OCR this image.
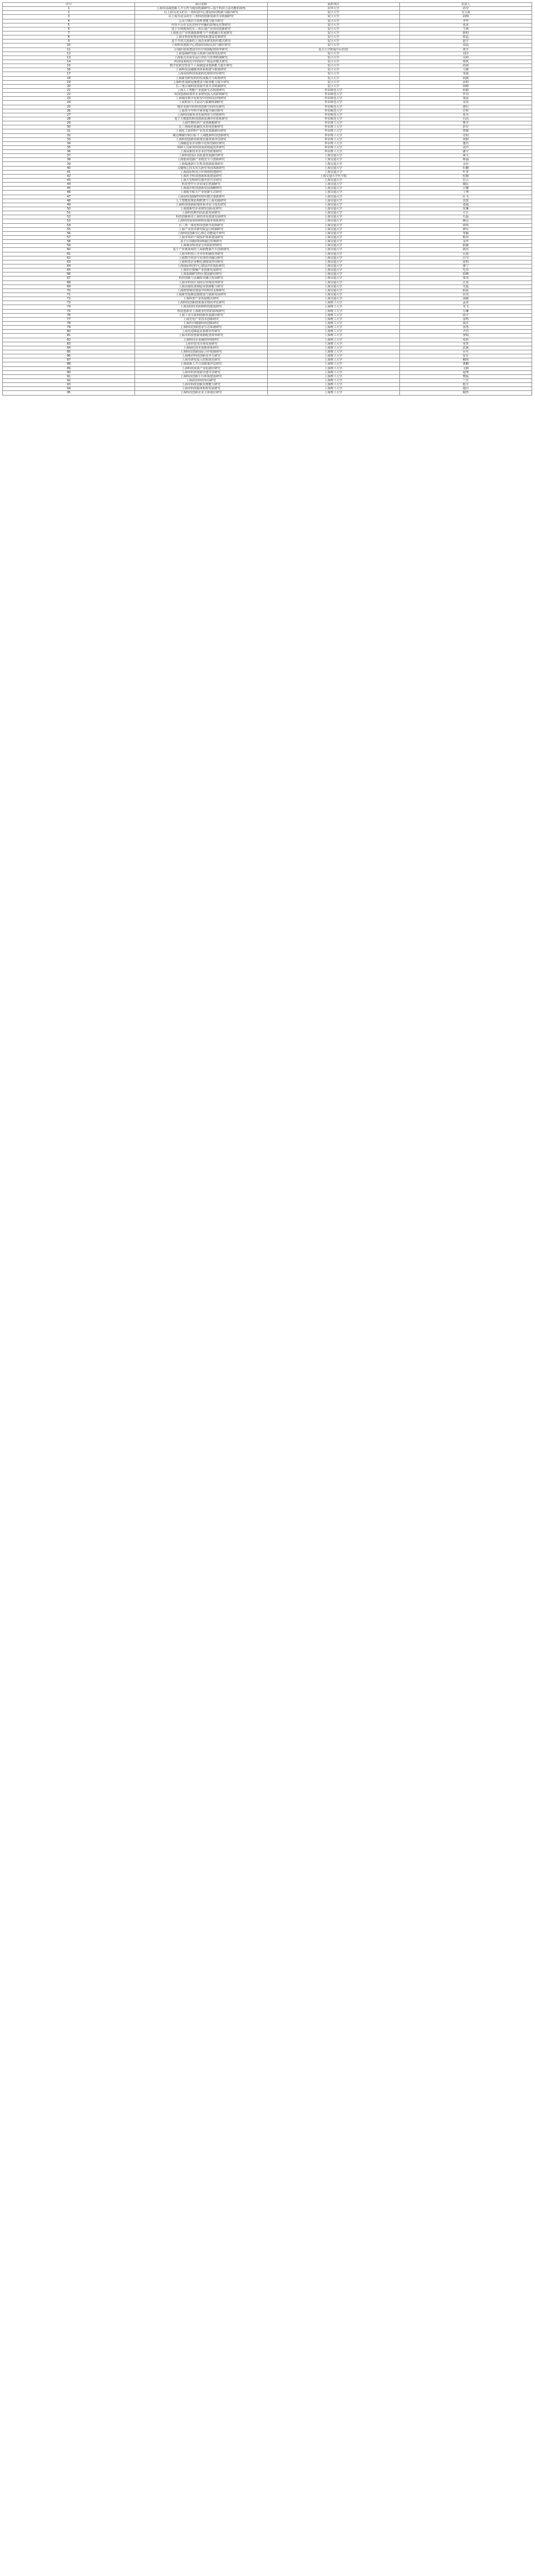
序号	项目名称	承担单位	负责人
1	上海市高端创新人才引育与使用机制研究—基于科技立法功能的视角	东华大学	孙莹
2	以上海为龙头的长三角科创中心建设协同机制与路径研究	复旦大学	吴力波
3	以上海为龙头的长三角科技创新资源共享机制研究	复旦大学	胡锦
4	公众与城市主体科普能力提升研究	复旦大学	李华
5	内容平台社交化对科学传播的影响及对策研究	复旦大学	张涛
6	基于专利视角的长三角区域产业协同创新研究	复旦大学	王林
7	上海重点产业领域创新链与产业链融合发展研究	复旦大学	陈明
8	上海市科技伦理治理体系建设对策研究	复旦大学	徐晶
9	基于开放式创新的上海企业研发组织模式研究	复旦大学	赵宇
10	上海科技创新中心建设的国际比较与路径研究	复旦大学	周磊
11	区域医联体建设中医疗资源配置效率研究	复旦大学附属中山医院	黄芳
12	上海基础研究投入机制与政策优化研究	复旦大学	刘洋
13	上海重点实验室运行评估与管理机制研究	复旦大学	吴婷
14	科技成果转化中的知识产权运营模式研究	复旦大学	郑凯
15	数字化转型背景下上海制造业创新能力提升研究	复旦大学	孙倩
16	上海科技金融服务体系构建与政策研究	复旦大学	马骏
17	上海高校科技成果转化绩效评价研究	复旦大学	朱丽
18	上海新型研发机构发展模式与政策研究	复旦大学	胡斌
19	上海科普基础设施建设与服务能力提升研究	复旦大学	高明
20	长三角区域科技资源开放共享机制研究	复旦大学	林峰
21	上海人工智能产业创新生态构建研究	华东师范大学	何静
22	科技创新政策对企业研发投入的影响研究	华东师范大学	罗伟
23	上海城市数字化转型中的科技治理研究	华东师范大学	梁晨
24	上海科技人才流动与集聚机制研究	华东师范大学	宋杰
25	城市更新中的科技创新空间布局研究	华东师范大学	唐红
26	上海青少年科学素养提升路径研究	华东师范大学	许辉
27	上海科技服务业发展现状与对策研究	华东师范大学	邓丹
28	基于大数据的科技创新监测评价体系研究	华东师范大学	冯亮
29	上海生物医药产业创新链研究	华东理工大学	曹雪
30	长三角绿色低碳技术协同创新研究	华东理工大学	彭军
31	上海化工新材料产业技术创新路径研究	华东理工大学	曾敏
32	碳达峰碳中和目标下上海能源科技创新研究	华东理工大学	肖阳
33	上海科技创新券政策实施效果评估研究	华东理工大学	田甜
34	上海制造业企业数字化转型路径研究	华东理工大学	董浩
35	科研人员职务科技成果权属改革研究	华东理工大学	袁玲
36	上海高新技术企业培育政策研究	华东理工大学	潘宇
37	上海科技园区高质量发展路径研究	上海交通大学	蒋文
38	上海集成电路产业链安全与创新研究	上海交通大学	蔡强
39	上海临港新片区科技创新政策研究	上海交通大学	余佳
40	关键核心技术攻关新型举国体制研究	上海交通大学	杜鹏
41	上海国际科技合作网络构建研究	上海交通大学	叶青
42	上海医学科技创新体系建设研究	上海交通大学医学院	程刚
43	上海大型科研仪器开放共享研究	上海交通大学	苏云
44	科技型中小企业成长机制研究	上海交通大学	魏东
45	上海海洋科技创新发展战略研究	上海交通大学	吕娜
46	上海航空航天产业创新生态研究	上海交通大学	丁博
47	上海高校基础研究组织模式创新研究	上海交通大学	任飞
48	人工智能伦理治理框架与上海实践研究	上海交通大学	沈悦
49	上海科技创新政策体系评估与优化研究	上海交通大学	姜超
50	上海创新型企业研发国际化研究	上海交通大学	范琳
51	上海科技期刊高质量发展研究	上海交通大学	方正
52	科技创新驱动上海经济高质量发展研究	上海交通大学	石磊
53	上海科技成果转移转化服务体系研究	上海交通大学	姚远
54	长三角一体化科技创新共同体研究	上海交通大学	谭琪
55	上海产业技术研究院运行机制研究	上海交通大学	廖军
56	上海科技创新中心核心功能提升研究	上海交通大学	邹颖
57	上海市知识产权保护体系建设研究	上海交通大学	熊伟
58	基于区块链的科研诚信管理研究	上海交通大学	金华
59	上海城市科技安全风险防控研究	上海交通大学	陆敏
60	基于产业链视角的上海新能源汽车创新研究	上海交通大学	郝杰
61	上海市科技人才评价机制改革研究	上海交通大学	孔丽
62	上海数字经济与实体经济融合研究	上海交通大学	白雪
63	上海科技企业孵化器绩效评价研究	上海交通大学	崔明
64	上海国际科创中心建设评价指标研究	上海交通大学	康宁
65	上海医疗器械产业创新发展研究	上海交通大学	毛伟
66	上海基础研究特区建设路径研究	上海交通大学	邱峰
67	科技创新与金融资本融合发展研究	上海交通大学	秦岚
68	上海市科技计划项目管理改革研究	上海交通大学	江涛
69	上海高端装备制造业创新能力研究	上海交通大学	史磊
70	上海智慧城市建设中的科技支撑研究	上海交通大学	顾晨
71	上海新型基础设施建设与创新发展研究	上海交通大学	侯杰
72	上海科普产业发展模式研究	上海交通大学	邵敏
73	上海科技创新政策落实情况评估研究	上海理工大学	孟涛
74	上海高校技术转移机构建设研究	上海理工大学	龙飞
75	科技创新对上海就业结构的影响研究	上海理工大学	万琳
76	上海工业互联网创新发展路径研究	上海理工大学	段宇
77	上海光电产业技术创新研究	上海理工大学	雷鸣
78	上海医疗健康科技创新研究	上海理工大学	钱芳
79	上海科技创新创业生态系统研究	上海理工大学	汤勇
80	上海先进制造业集群培育研究	上海理工大学	尹浩
81	上海市科技创新资源配置效率研究	上海理工大学	黎娟
82	上海科技企业融资环境研究	上海理工大学	易欣
83	上海市技术市场发展研究	上海理工大学	常青
84	上海绿色技术创新体系研究	上海理工大学	武斌
85	上海科技创新国际合作机制研究	上海理工大学	乔丹
86	上海城市科技创新竞争力研究	上海理工大学	贺军
87	上海市研发投入结构优化研究	上海理工大学	赖琪
88	上海创新人才引进政策评估研究	上海理工大学	龚鹏
89	上海科技成果产业化路径研究	上海理工大学	文静
90	上海市科普资源共建共享研究	上海理工大学	庞博
91	上海科技创新平台体系建设研究	上海理工大学	樊磊
92	上海前沿科技布局研究	上海理工大学	兰芳
93	上海市科技创新治理能力研究	上海理工大学	殷宇
94	上海市科技服务机构发展研究	上海理工大学	施洁
95	上海科技创新企业主体地位研究	上海理工大学	陶然
